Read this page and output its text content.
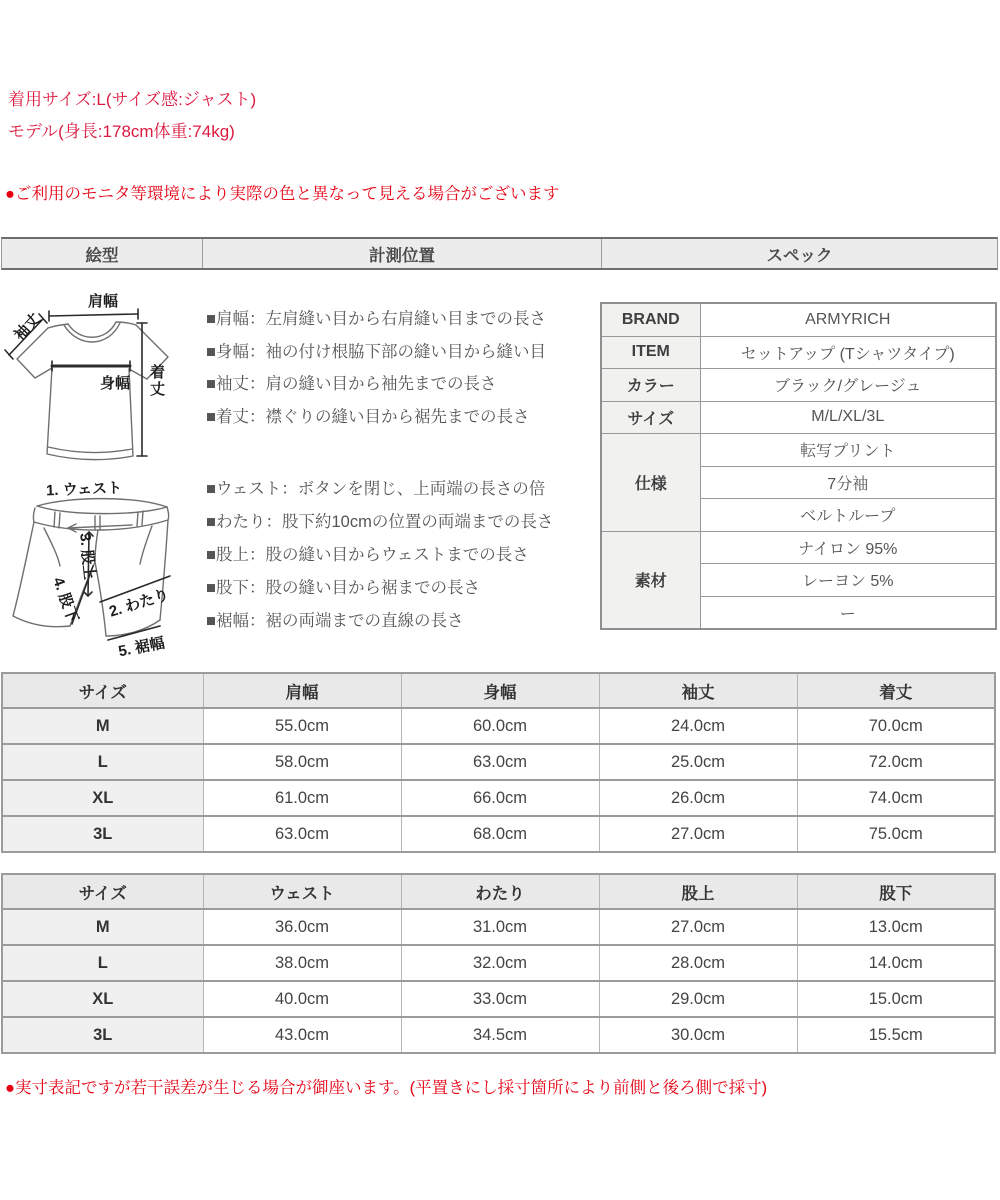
着用サイズ:L(サイズ感:ジャスト)
モデル(身長:178cm体重:74kg)
●ご利用のモニタ等環境により実際の色と異なって見える場合がございます
絵型	計測位置	スペック
肩幅
袖丈
身幅 着丈
1. ウェスト
3. 股上
2. わたり
4. 股下
5. 裾幅
■肩幅：左肩縫い目から右肩縫い目までの長さ
■身幅：袖の付け根脇下部の縫い目から縫い目
■袖丈：肩の縫い目から袖先までの長さ
■着丈：襟ぐりの縫い目から裾先までの長さ
■ウェスト：ボタンを閉じ、上両端の長さの倍
■わたり：股下約10cmの位置の両端までの長さ
■股上：股の縫い目からウェストまでの長さ
■股下：股の縫い目から裾までの長さ
■裾幅：裾の両端までの直線の長さ
BRAND	ARMYRICH
ITEM	セットアップ (Tシャツタイプ)
カラー	ブラック/グレージュ
サイズ	M/L/XL/3L
仕様	転写プリント
	7分袖
	ベルトループ
素材	ナイロン 95%
	レーヨン 5%
	ー
サイズ	肩幅	身幅	袖丈	着丈
M	55.0cm	60.0cm	24.0cm	70.0cm
L	58.0cm	63.0cm	25.0cm	72.0cm
XL	61.0cm	66.0cm	26.0cm	74.0cm
3L	63.0cm	68.0cm	27.0cm	75.0cm
サイズ	ウェスト	わたり	股上	股下
M	36.0cm	31.0cm	27.0cm	13.0cm
L	38.0cm	32.0cm	28.0cm	14.0cm
XL	40.0cm	33.0cm	29.0cm	15.0cm
3L	43.0cm	34.5cm	30.0cm	15.5cm
●実寸表記ですが若干誤差が生じる場合が御座います。(平置きにし採寸箇所により前側と後ろ側で採寸)
